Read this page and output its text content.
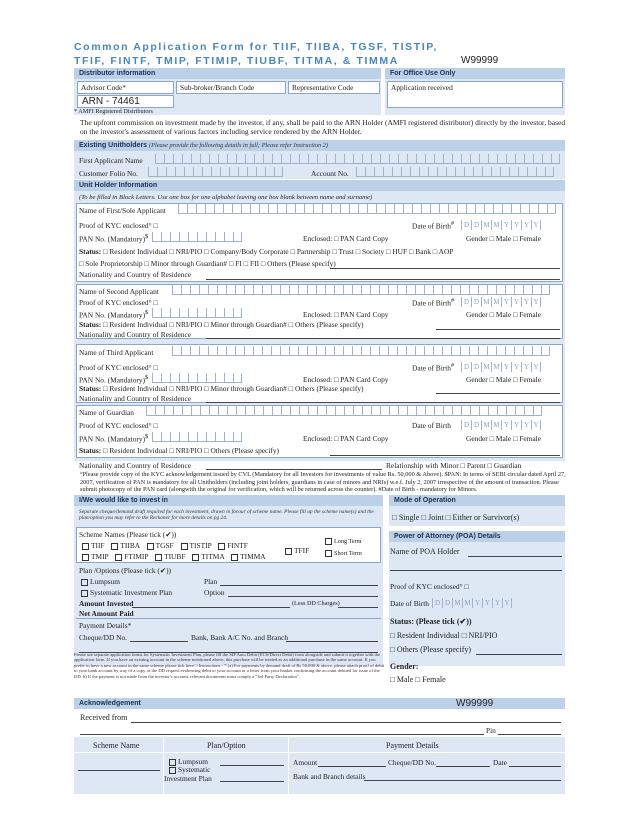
Common Application Form for TIIF, TIIBA, TGSF, TISTIP,
TFIF, FINTF, TMIP, FTIMIP, TIUBF, TITMA, & TIMMA	W99999
Distributor information
Advisor Code*	Sub-broker/Branch Code	Representative Code
ARN - 74461
* AMFI Registered Distributors
For Office Use Only
Application received
The upfront commission on investment made by the investor, if any, shall be paid to the ARN Holder (AMFI registered distributor) directly by the investor, based on the investor's assessment of various factors including service rendered by the ARN Holder.
Existing Unitholders (Please provide the following details in full; Please refer Instruction 2)
First Applicant Name
Customer Folio No.	Account No.
Unit Holder Information
(To be filled in Block Letters. Use one box for one alphabet leaving one box blank between name and surname)
Name of First/Sole Applicant
Proof of KYC enclosed° □	Date of Birth#	D D M M Y Y Y Y
PAN No. (Mandatory)$	Enclosed: □ PAN Card Copy	Gender □ Male □ Female
Status: □ Resident Individual □ NRI/PIO □ Company/Body Corporate □ Partnership □ Trust □ Society □ HUF □ Bank □ AOP
□ Sole Proprietorship □ Minor through Guardian# □ FI □ FII □ Others (Please specify)
Nationality and Country of Residence
Name of Second Applicant
Proof of KYC enclosed° □	Date of Birth#	D D M M Y Y Y Y
PAN No. (Mandatory)$	Enclosed: □ PAN Card Copy	Gender □ Male □ Female
Status: □ Resident Individual □ NRI/PIO □ Minor through Guardian# □ Others (Please specify)
Nationality and Country of Residence
Name of Third Applicant
Proof of KYC enclosed° □	Date of Birth#	D D M M Y Y Y Y
PAN No. (Mandatory)$	Enclosed: □ PAN Card Copy	Gender □ Male □ Female
Status: □ Resident Individual □ NRI/PIO □ Minor through Guardian# □ Others (Please specify)
Nationality and Country of Residence
Name of Guardian
Proof of KYC enclosed° □	Date of Birth	D D M M Y Y Y Y
PAN No. (Mandatory)$	Enclosed: □ PAN Card Copy	Gender □ Male □ Female
Status: □ Resident Individual □ NRI/PIO □ Others (Please specify)
Nationality and Country of Residence	Relationship with Minor □ Parent □ Guardian
°Please provide copy of the KYC acknowledgement issued by CVL (Mandatory for all Investors for investments of value Rs. 50,000 & Above). $PAN: In terms of SEBI circular dated April 27, 2007, verification of PAN is mandatory for all Unitholders (including joint holders, guardians in case of minors and NRIs) w.e.f. July 2, 2007 irrespective of the amount of transaction. Please submit photocopy of the PAN card (alongwith the original for verification, which will be returned across the counter). #Date of Birth - mandatory for Minors.
I/We would like to invest in
Separate cheque/demand draft required for each investment, drawn in favour of scheme name. Please fill up the scheme name(s) and the plan/option you may refer to the Reckoner for more details on pg 24.
Scheme Names (Please tick (✔))
TIIF TIIBA TGSF TISTIP FINTF
TMIP FTIMIP TIUBF TITMA TIMMA
TFIF
Long Term
Short Term
Plan /Options (Please tick (✔))
Lumpsum
Systematic Investment Plan
Plan
Option
Amount Invested	(Less DD Charges)
Net Amount Paid
Payment Details*
Cheque/DD No.	Bank, Bank A/C No. and Branch
Please see separate application forms for Systematic Investment Plan, please fill the SIP Auto Debit (ECS/Direct Debit) form alongside and submit it together with the application form. If you have an existing account in the scheme mentioned above, this purchase will be treated as an additional purchase in the same account. If you prefer to have a new account in the same scheme please tick here □ Instructions - * (a) For payments by demand draft of Rs 50,000 & above, please attach proof of debit to your bank account by way of a copy of the DD request evidencing debit to your account or a letter from your banker confirming the account debited for issue of the DD. b) If the payment is not made from the investor's account, relevant documents must comply a "3rd Party Declaration".
Mode of Operation
□ Single □ Joint □ Either or Survivor(s)
Power of Attorney (POA) Details
Name of POA Holder
Proof of KYC enclosed° □
Date of Birth D D M M Y Y Y Y
Status: (Please tick (✔))
□ Resident Individual □ NRI/PIO
□ Others (Please specify)
Gender:
□ Male □ Female
Acknowledgement	W99999
Received from
Pin
Scheme Name	Plan/Option	Payment Details
Lumpsum
Systematic Investment Plan
Amount	Cheque/DD No.	Date
Bank and Branch details
